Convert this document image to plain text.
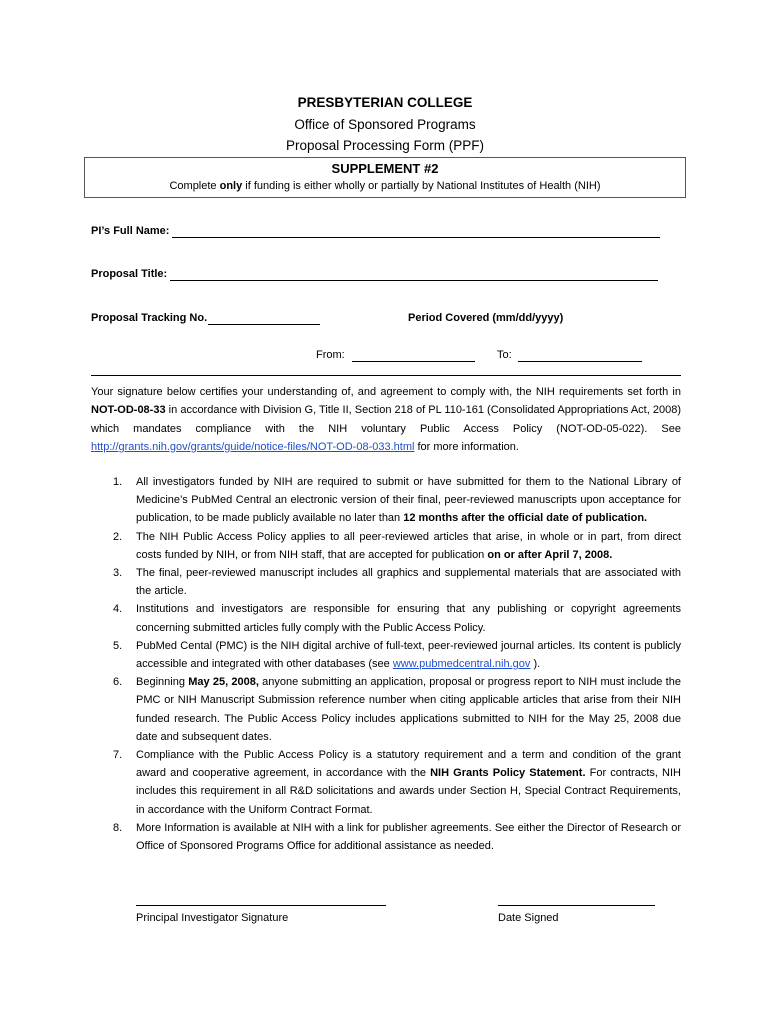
PRESBYTERIAN COLLEGE
Office of Sponsored Programs
Proposal Processing Form (PPF)
SUPPLEMENT #2
Complete only if funding is either wholly or partially by National Institutes of Health (NIH)
PI’s Full Name:
Proposal Title:
Proposal Tracking No.	Period Covered (mm/dd/yyyy)
From:	To:
Your signature below certifies your understanding of, and agreement to comply with, the NIH requirements set forth in NOT-OD-08-33 in accordance with Division G, Title II, Section 218 of PL 110-161 (Consolidated Appropriations Act, 2008) which mandates compliance with the NIH voluntary Public Access Policy (NOT-OD-05-022). See http://grants.nih.gov/grants/guide/notice-files/NOT-OD-08-033.html for more information.
1. All investigators funded by NIH are required to submit or have submitted for them to the National Library of Medicine’s PubMed Central an electronic version of their final, peer-reviewed manuscripts upon acceptance for publication, to be made publicly available no later than 12 months after the official date of publication.
2. The NIH Public Access Policy applies to all peer-reviewed articles that arise, in whole or in part, from direct costs funded by NIH, or from NIH staff, that are accepted for publication on or after April 7, 2008.
3. The final, peer-reviewed manuscript includes all graphics and supplemental materials that are associated with the article.
4. Institutions and investigators are responsible for ensuring that any publishing or copyright agreements concerning submitted articles fully comply with the Public Access Policy.
5. PubMed Cental (PMC) is the NIH digital archive of full-text, peer-reviewed journal articles. Its content is publicly accessible and integrated with other databases (see www.pubmedcentral.nih.gov ).
6. Beginning May 25, 2008, anyone submitting an application, proposal or progress report to NIH must include the PMC or NIH Manuscript Submission reference number when citing applicable articles that arise from their NIH funded research. The Public Access Policy includes applications submitted to NIH for the May 25, 2008 due date and subsequent dates.
7. Compliance with the Public Access Policy is a statutory requirement and a term and condition of the grant award and cooperative agreement, in accordance with the NIH Grants Policy Statement. For contracts, NIH includes this requirement in all R&D solicitations and awards under Section H, Special Contract Requirements, in accordance with the Uniform Contract Format.
8. More Information is available at NIH with a link for publisher agreements. See either the Director of Research or Office of Sponsored Programs Office for additional assistance as needed.
Principal Investigator Signature	Date Signed
